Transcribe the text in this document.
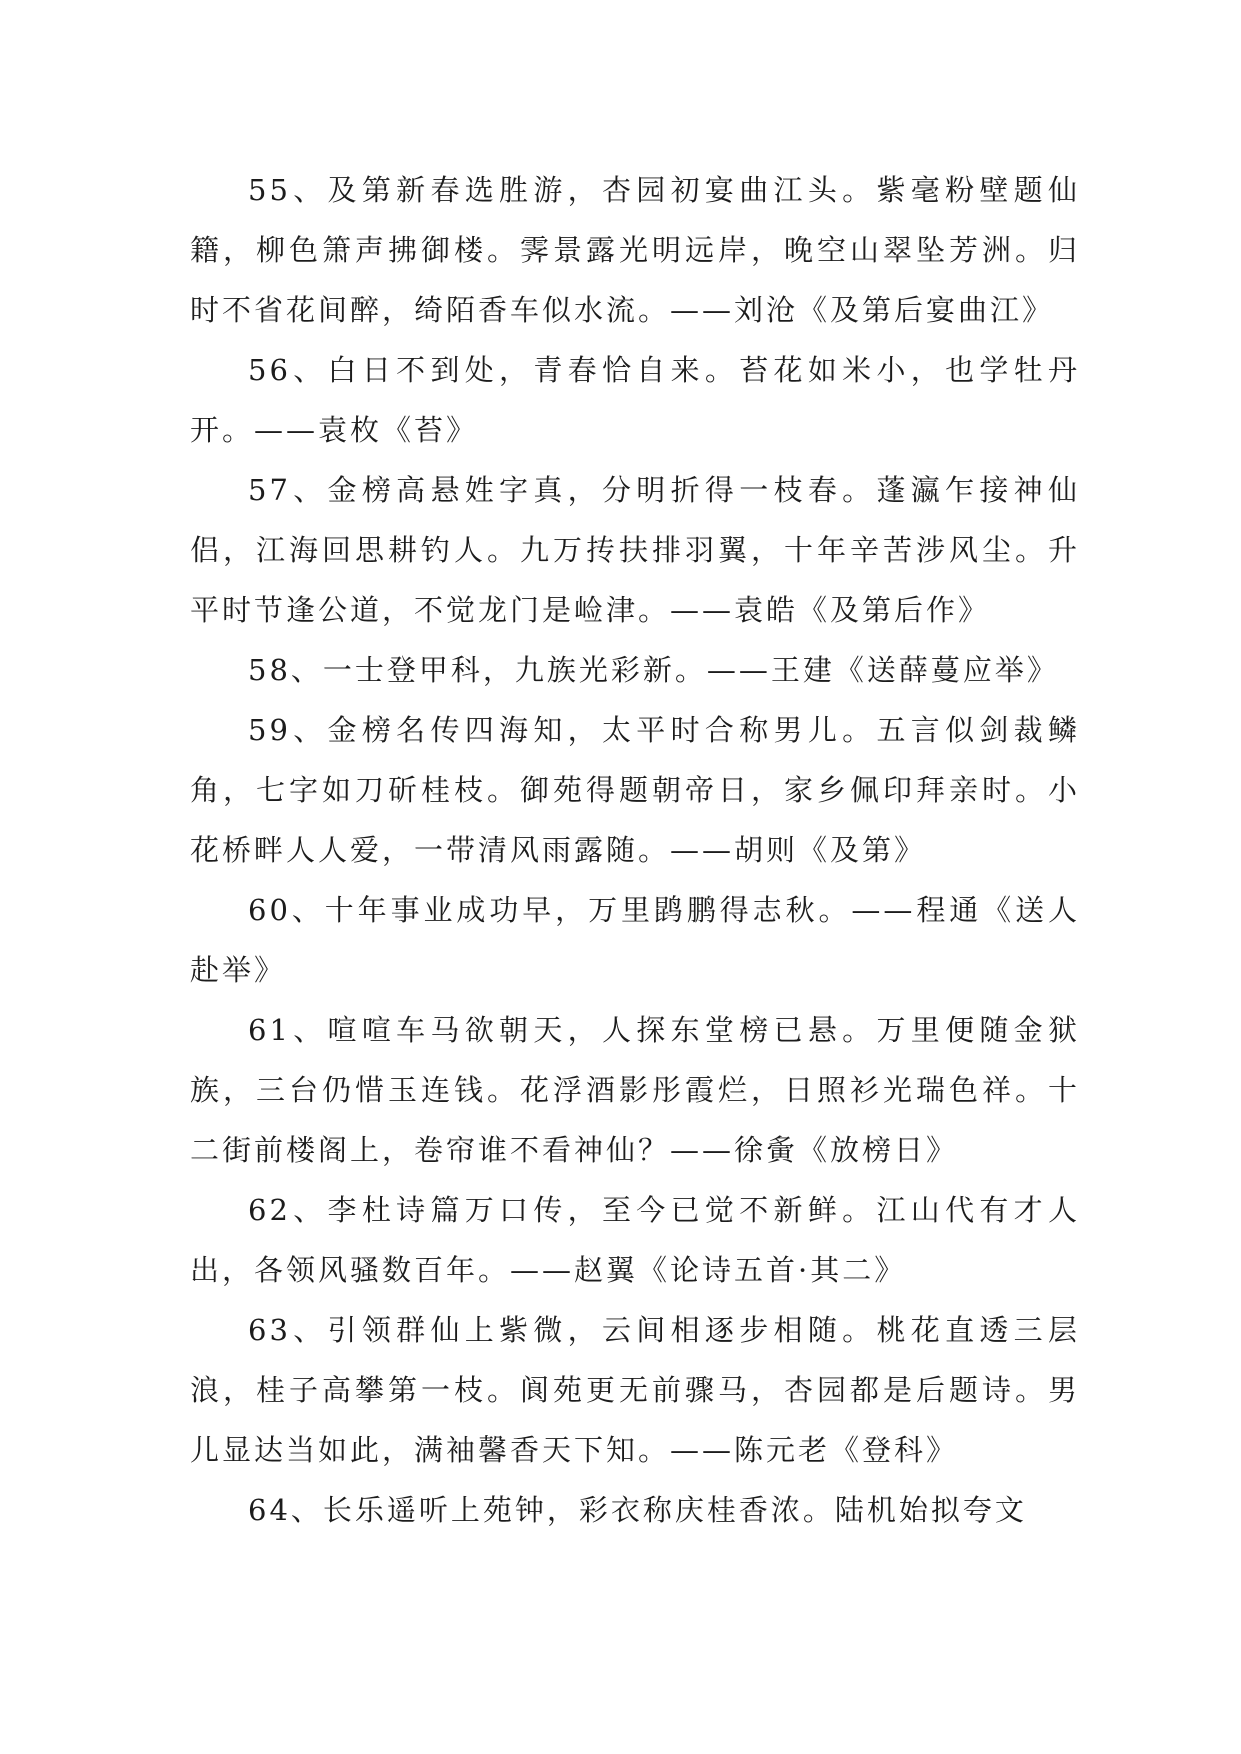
55、及第新春选胜游，杏园初宴曲江头。紫毫粉壁题仙籍，柳色箫声拂御楼。霁景露光明远岸，晚空山翠坠芳洲。归时不省花间醉，绮陌香车似水流。——刘沧《及第后宴曲江》

56、白日不到处，青春恰自来。苔花如米小，也学牡丹开。——袁枚《苔》

57、金榜高悬姓字真，分明折得一枝春。蓬瀛乍接神仙侣，江海回思耕钓人。九万抟扶排羽翼，十年辛苦涉风尘。升平时节逢公道，不觉龙门是崄津。——袁皓《及第后作》

58、一士登甲科，九族光彩新。——王建《送薛蔓应举》

59、金榜名传四海知，太平时合称男儿。五言似剑裁鳞角，七字如刀斫桂枝。御苑得题朝帝日，家乡佩印拜亲时。小花桥畔人人爱，一带清风雨露随。——胡则《及第》

60、十年事业成功早，万里鹍鹏得志秋。——程通《送人赴举》

61、喧喧车马欲朝天，人探东堂榜已悬。万里便随金狱族，三台仍惜玉连钱。花浮酒影彤霞烂，日照衫光瑞色祥。十二街前楼阁上，卷帘谁不看神仙？——徐夤《放榜日》

62、李杜诗篇万口传，至今已觉不新鲜。江山代有才人出，各领风骚数百年。——赵翼《论诗五首·其二》

63、引领群仙上紫微，云间相逐步相随。桃花直透三层浪，桂子高攀第一枝。阆苑更无前骤马，杏园都是后题诗。男儿显达当如此，满袖馨香天下知。——陈元老《登科》

64、长乐遥听上苑钟，彩衣称庆桂香浓。陆机始拟夸文
